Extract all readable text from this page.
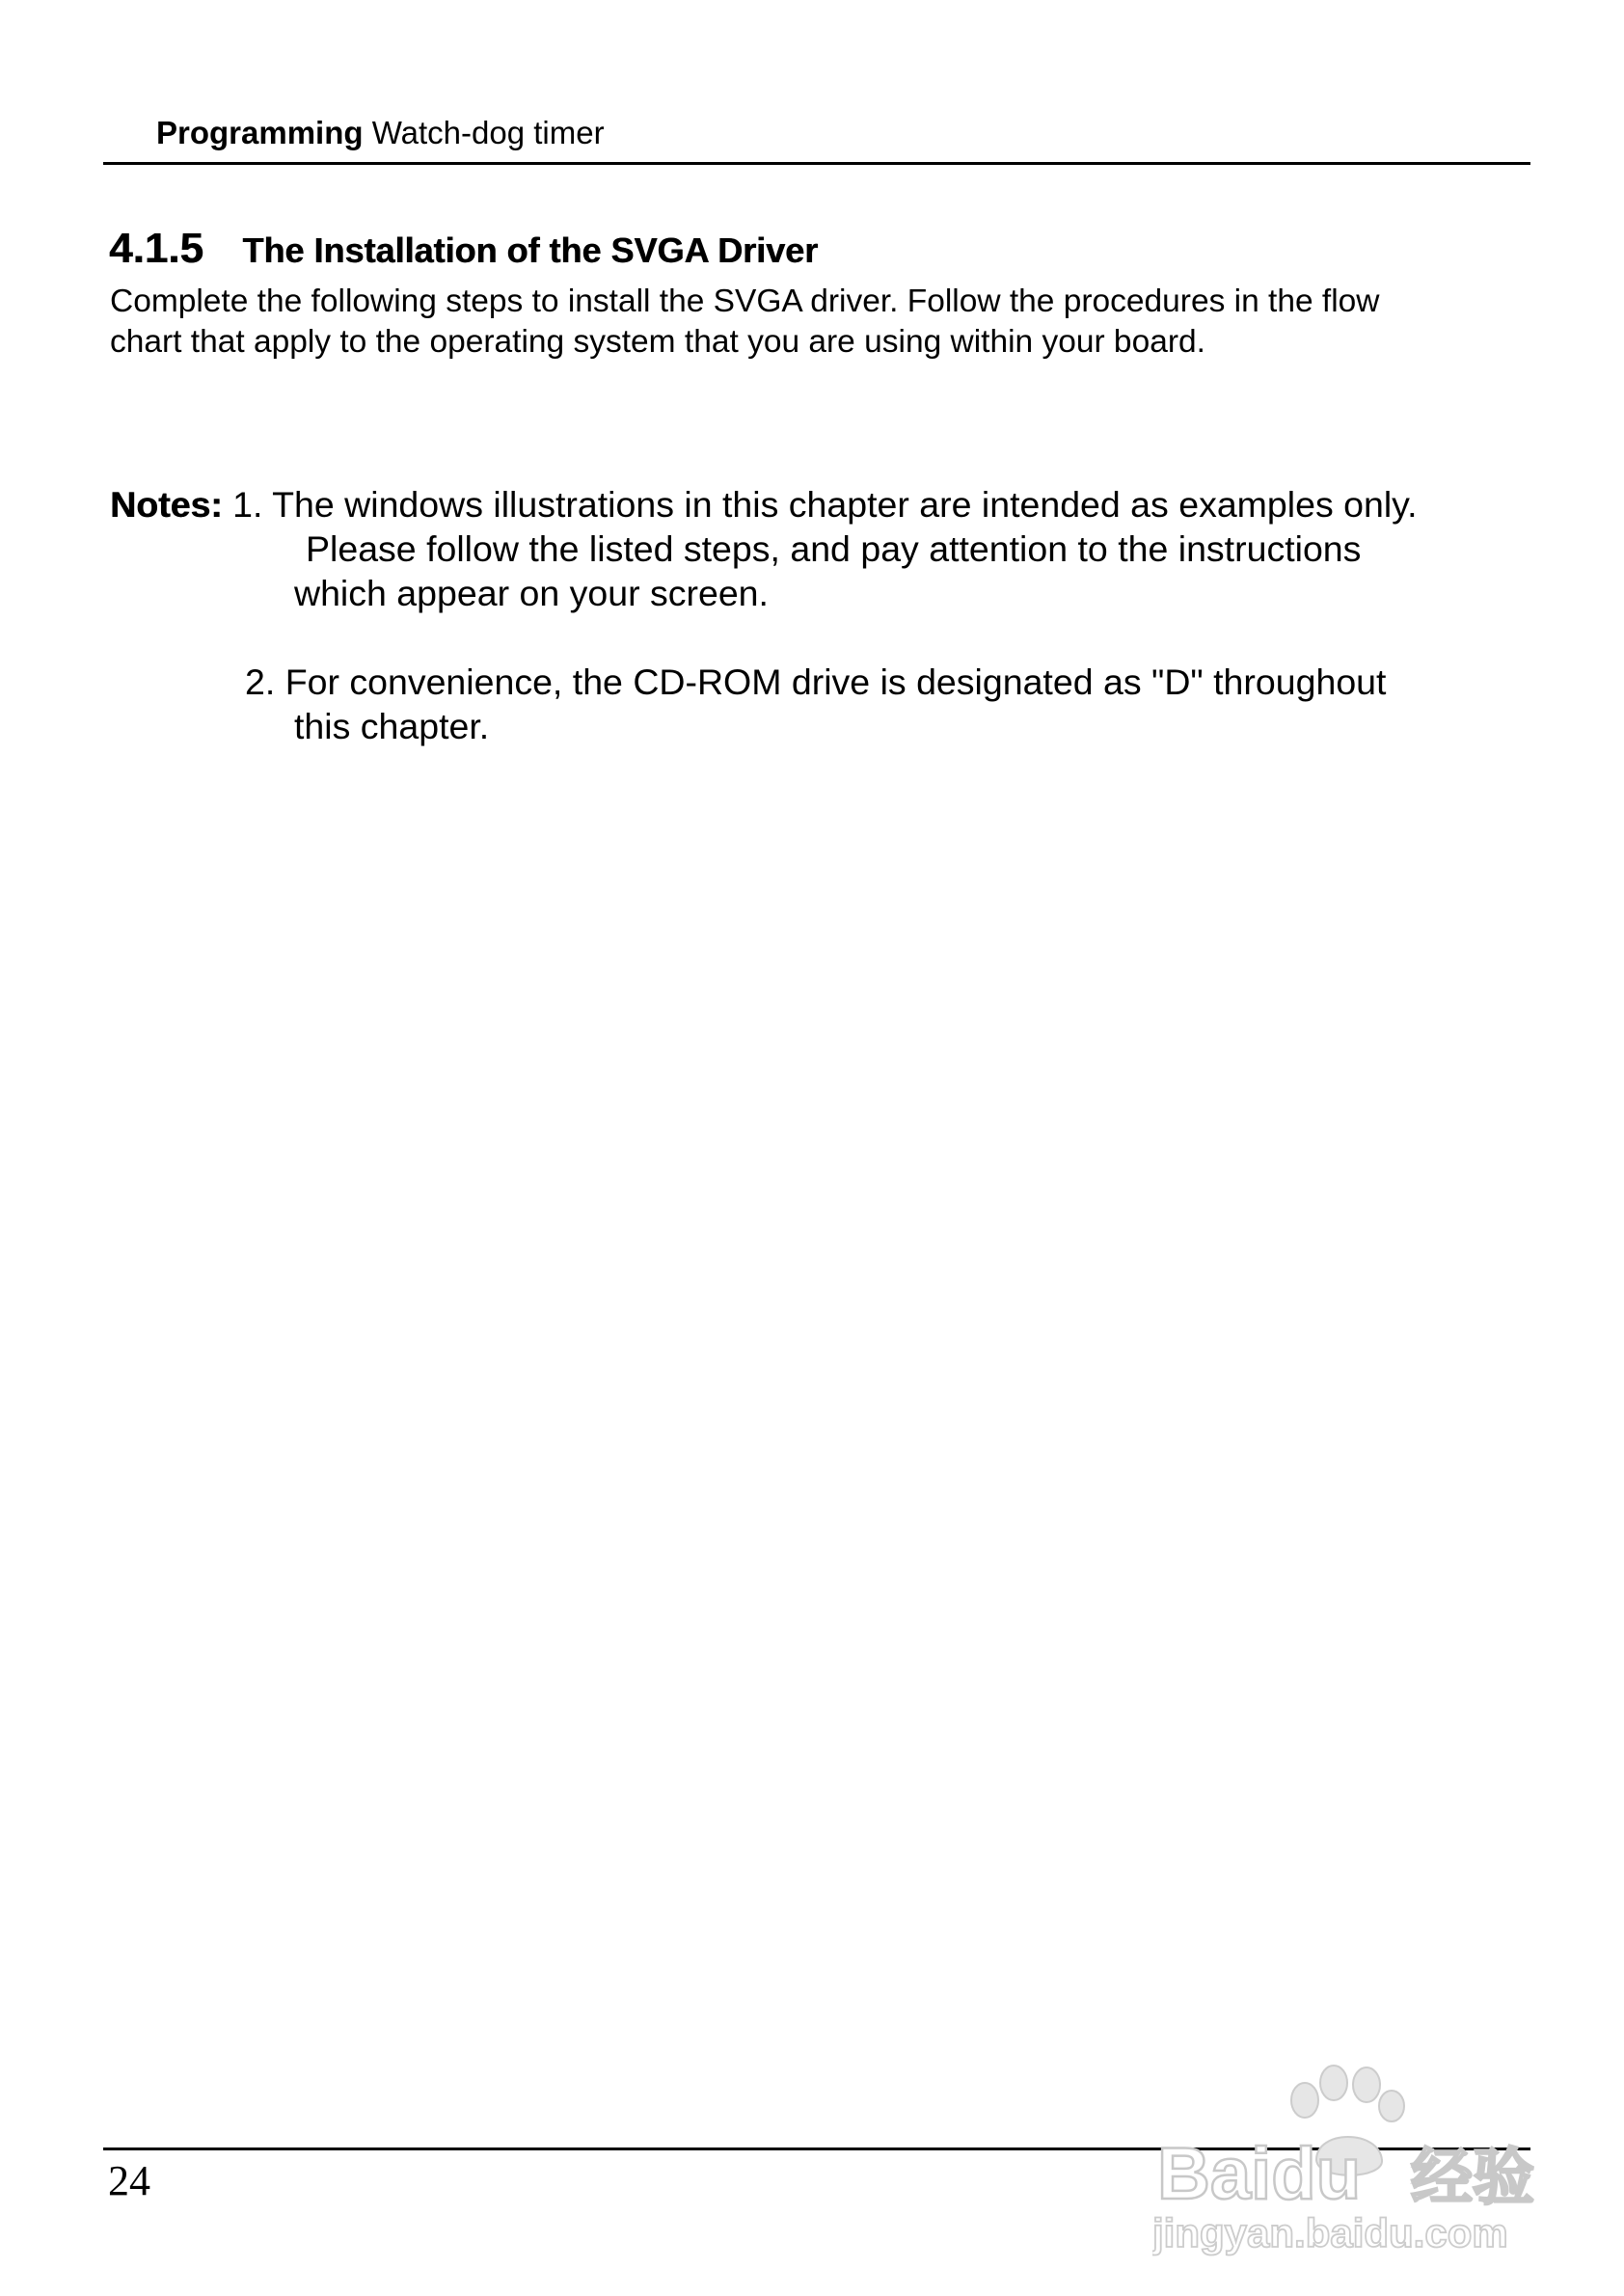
Programming Watch-dog timer
4.1.5 The Installation of the SVGA Driver

Complete the following steps to install the SVGA driver. Follow the procedures in the flow

chart that apply to the operating system that you are using within your board.

Notes: 1. The windows illustrations in this chapter are intended as examples only.
Please follow the listed steps, and pay attention to the instructions
which appear on your screen.
2. For convenience, the CD-ROM drive is designated as "D" throughout
this chapter.
24	Baidu 经验
jingyan.baidu.com
